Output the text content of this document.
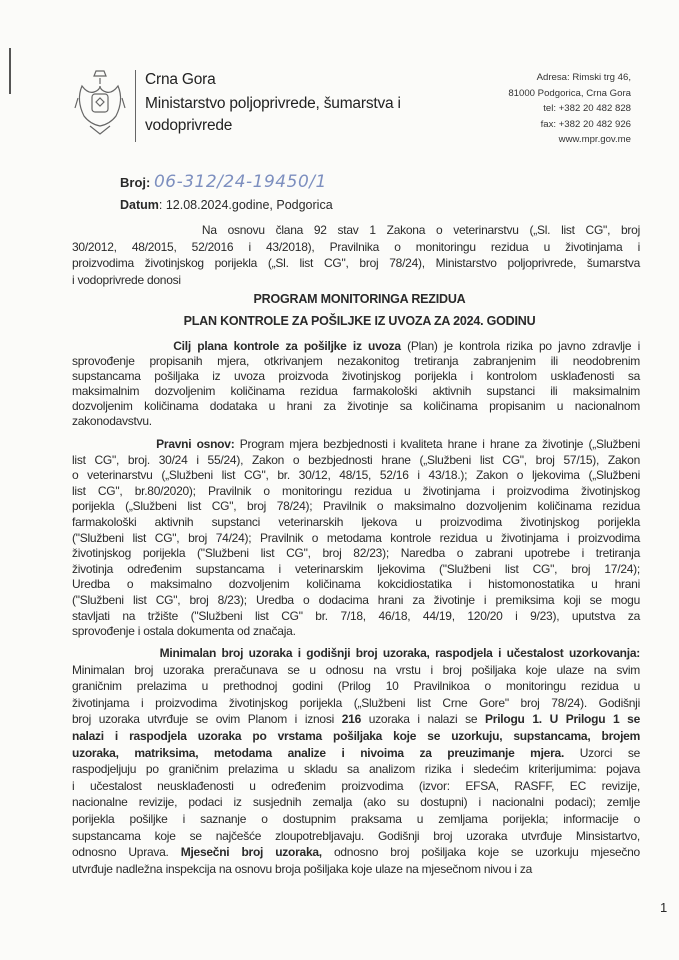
Crna Gora
Ministarstvo poljoprivrede, šumarstva i
vodoprivrede
Adresa: Rimski trg 46,
81000 Podgorica, Crna Gora
tel: +382 20 482 828
fax: +382 20 482 926
www.mpr.gov.me
Broj: 06-312/24-19450/1
Datum: 12.08.2024.godine, Podgorica
Na osnovu člana 92 stav 1 Zakona o veterinarstvu („Sl. list CG", broj
30/2012, 48/2015, 52/2016 i 43/2018), Pravilnika o monitoringu rezidua u životinjama i
proizvodima životinjskog porijekla („Sl. list CG", broj 78/24), Ministarstvo poljoprivrede, šumarstva
i vodoprivrede donosi
PROGRAM MONITORINGA REZIDUA
PLAN KONTROLE ZA POŠILJKE IZ UVOZA ZA 2024. GODINU
Cilj plana kontrole za pošiljke iz uvoza (Plan) je kontrola rizika po javno zdravlje i
sprovođenje propisanih mjera, otkrivanjem nezakonitog tretiranja zabranjenim ili neodobrenim
supstancama pošiljaka iz uvoza proizvoda životinjskog porijekla i kontrolom usklađenosti sa
maksimalnim dozvoljenim količinama rezidua farmakološki aktivnih supstanci ili maksimalnim
dozvoljenim količinama dodataka u hrani za životinje sa količinama propisanim u nacionalnom
zakonodavstvu.
Pravni osnov: Program mjera bezbjednosti i kvaliteta hrane i hrane za životinje („Službeni
list CG", broj. 30/24 i 55/24), Zakon o bezbjednosti hrane („Službeni list CG", broj 57/15), Zakon
o veterinarstvu („Službeni list CG", br. 30/12, 48/15, 52/16 i 43/18.); Zakon o ljekovima („Službeni
list CG", br.80/2020); Pravilnik o monitoringu rezidua u životinjama i proizvodima životinjskog
porijekla („Službeni list CG", broj 78/24); Pravilnik o maksimalno dozvoljenim količinama rezidua
farmakološki aktivnih supstanci veterinarskih ljekova u proizvodima životinjskog porijekla
("Službeni list CG", broj 74/24); Pravilnik o metodama kontrole rezidua u životinjama i proizvodima
životinjskog porijekla ("Službeni list CG", broj 82/23); Naredba o zabrani upotrebe i tretiranja
životinja određenim supstancama i veterinarskim ljekovima ("Službeni list CG", broj 17/24);
Uredba o maksimalno dozvoljenim količinama kokcidiostatika i histomonostatika u hrani
("Službeni list CG", broj 8/23); Uredba o dodacima hrani za životinje i premiksima koji se mogu
stavljati na tržište ("Službeni list CG" br. 7/18, 46/18, 44/19, 120/20 i 9/23), uputstva za
sprovođenje i ostala dokumenta od značaja.
Minimalan broj uzoraka i godišnji broj uzoraka, raspodjela i učestalost uzorkovanja:
Minimalan broj uzoraka preračunava se u odnosu na vrstu i broj pošiljaka koje ulaze na svim
graničnim prelazima u prethodnoj godini (Prilog 10 Pravilnikoa o monitoringu rezidua u
životinjama i proizvodima životinjskog porijekla („Službeni list Crne Gore" broj 78/24). Godišnji
broj uzoraka utvrđuje se ovim Planom i iznosi 216 uzoraka i nalazi se Prilogu 1. U Prilogu 1 se
nalazi i raspodjela uzoraka po vrstama pošiljaka koje se uzorkuju, supstancama, brojem
uzoraka, matriksima, metodama analize i nivoima za preuzimanje mjera. Uzorci se
raspodjeljuju po graničnim prelazima u skladu sa analizom rizika i sledećim kriterijumima: pojava
i učestalost neusklađenosti u određenim proizvodima (izvor: EFSA, RASFF, EC revizije,
nacionalne revizije, podaci iz susjednih zemalja (ako su dostupni) i nacionalni podaci); zemlje
porijekla pošiljke i saznanje o dostupnim praksama u zemljama porijekla; informacije o
supstancama koje se najčešće zloupotrebljavaju. Godišnji broj uzoraka utvrđuje Minsistartvo,
odnosno Uprava. Mjesečni broj uzoraka, odnosno broj pošiljaka koje se uzorkuju mjesečno
utvrđuje nadležna inspekcija na osnovu broja pošiljaka koje ulaze na mjesečnom nivou i za
1
